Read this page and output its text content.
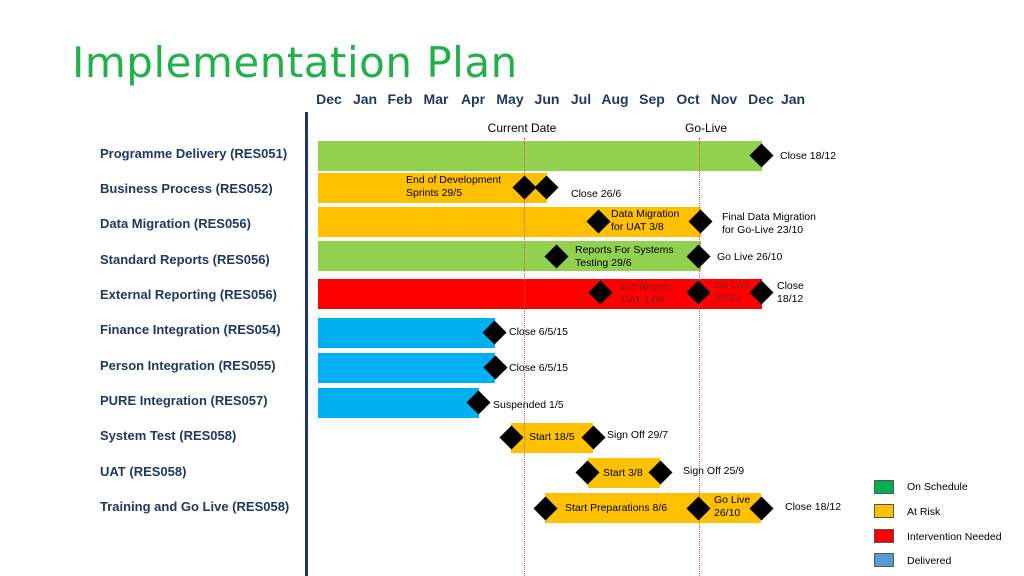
Implementation Plan
Dec Jan Feb Mar Apr May Jun Jul Aug Sep Oct Nov Dec Jan
Current Date	Go-Live
Programme Delivery (RES051)
Business Process (RES052)
Data Migration (RES056)
Standard Reports (RES056)
External Reporting (RES056)
Finance Integration (RES054)
Person Integration (RES055)
PURE Integration (RES057)
System Test (RES058)
UAT (RES058)
Training and Go Live (RES058)
Close 18/12
End of Development
Sprints 29/5	Close 26/6
Data Migration
for UAT 3/8
Final Data Migration
for Go-Live 23/10
Reports For Systems
Testing 29/6	Go Live 26/10
Ext Report
UAT 14/8
Go Live
26/10
Close
18/12
Close 6/5/15
Close 6/5/15
Suspended 1/5
Start 18/5	Sign Off 29/7
Start 3/8	Sign Off 25/9
Start Preparations 8/6
Go Live
26/10	Close 18/12
On Schedule
At Risk
Intervention Needed
Delivered
